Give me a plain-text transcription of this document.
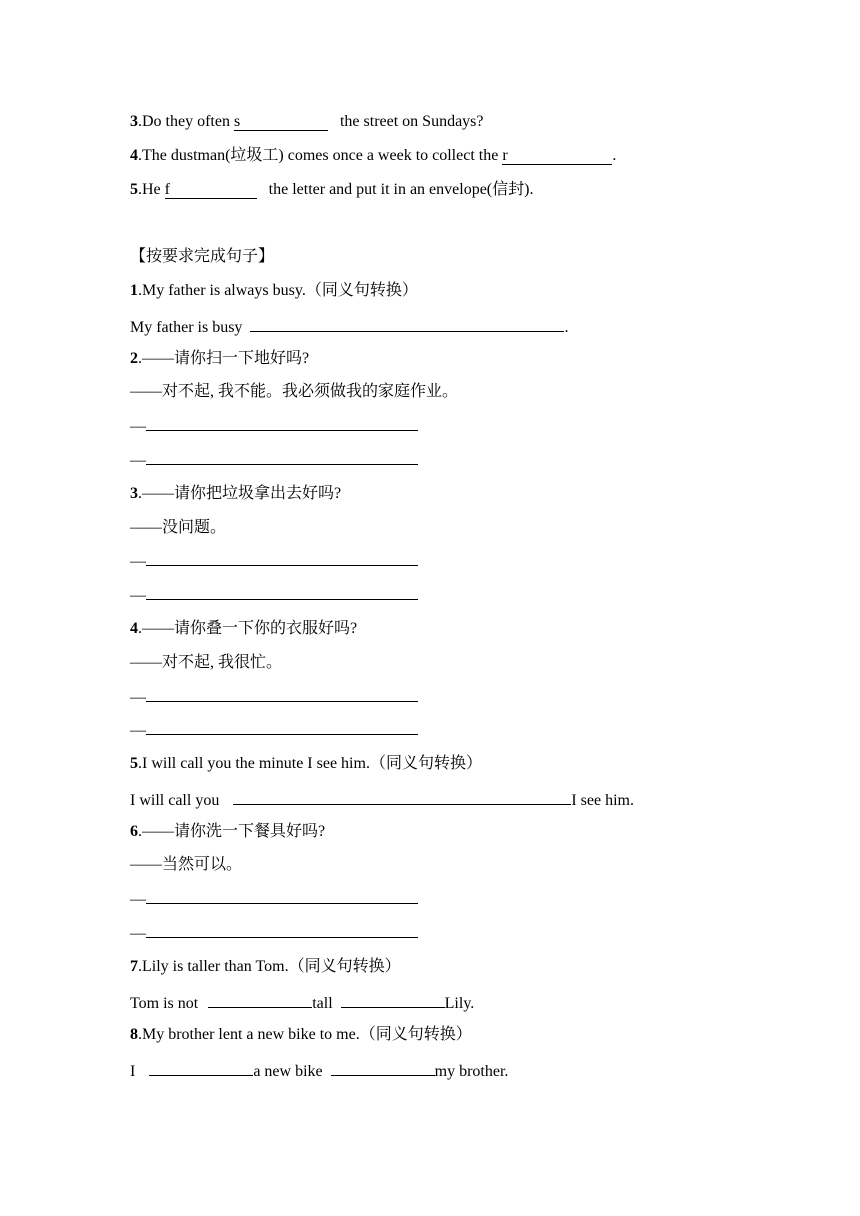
3.Do they often s	the street on Sundays?
4.The dustman(垃圾工) comes once a week to collect the r	.
5.He f	the letter and put it in an envelope(信封).
【按要求完成句子】
1.My father is always busy.（同义句转换）
My father is busy	.
2.——请你扫一下地好吗?
——对不起, 我不能。我必须做我的家庭作业。
—
—
3.——请你把垃圾拿出去好吗?
——没问题。
—
—
4.——请你叠一下你的衣服好吗?
——对不起, 我很忙。
—
—
5.I will call you the minute I see him.（同义句转换）
I will call you	I see him.
6.——请你洗一下餐具好吗?
——当然可以。
—
—
7.Lily is taller than Tom.（同义句转换）
Tom is not	tall	Lily.
8.My brother lent a new bike to me.（同义句转换）
I	a new bike	my brother.
